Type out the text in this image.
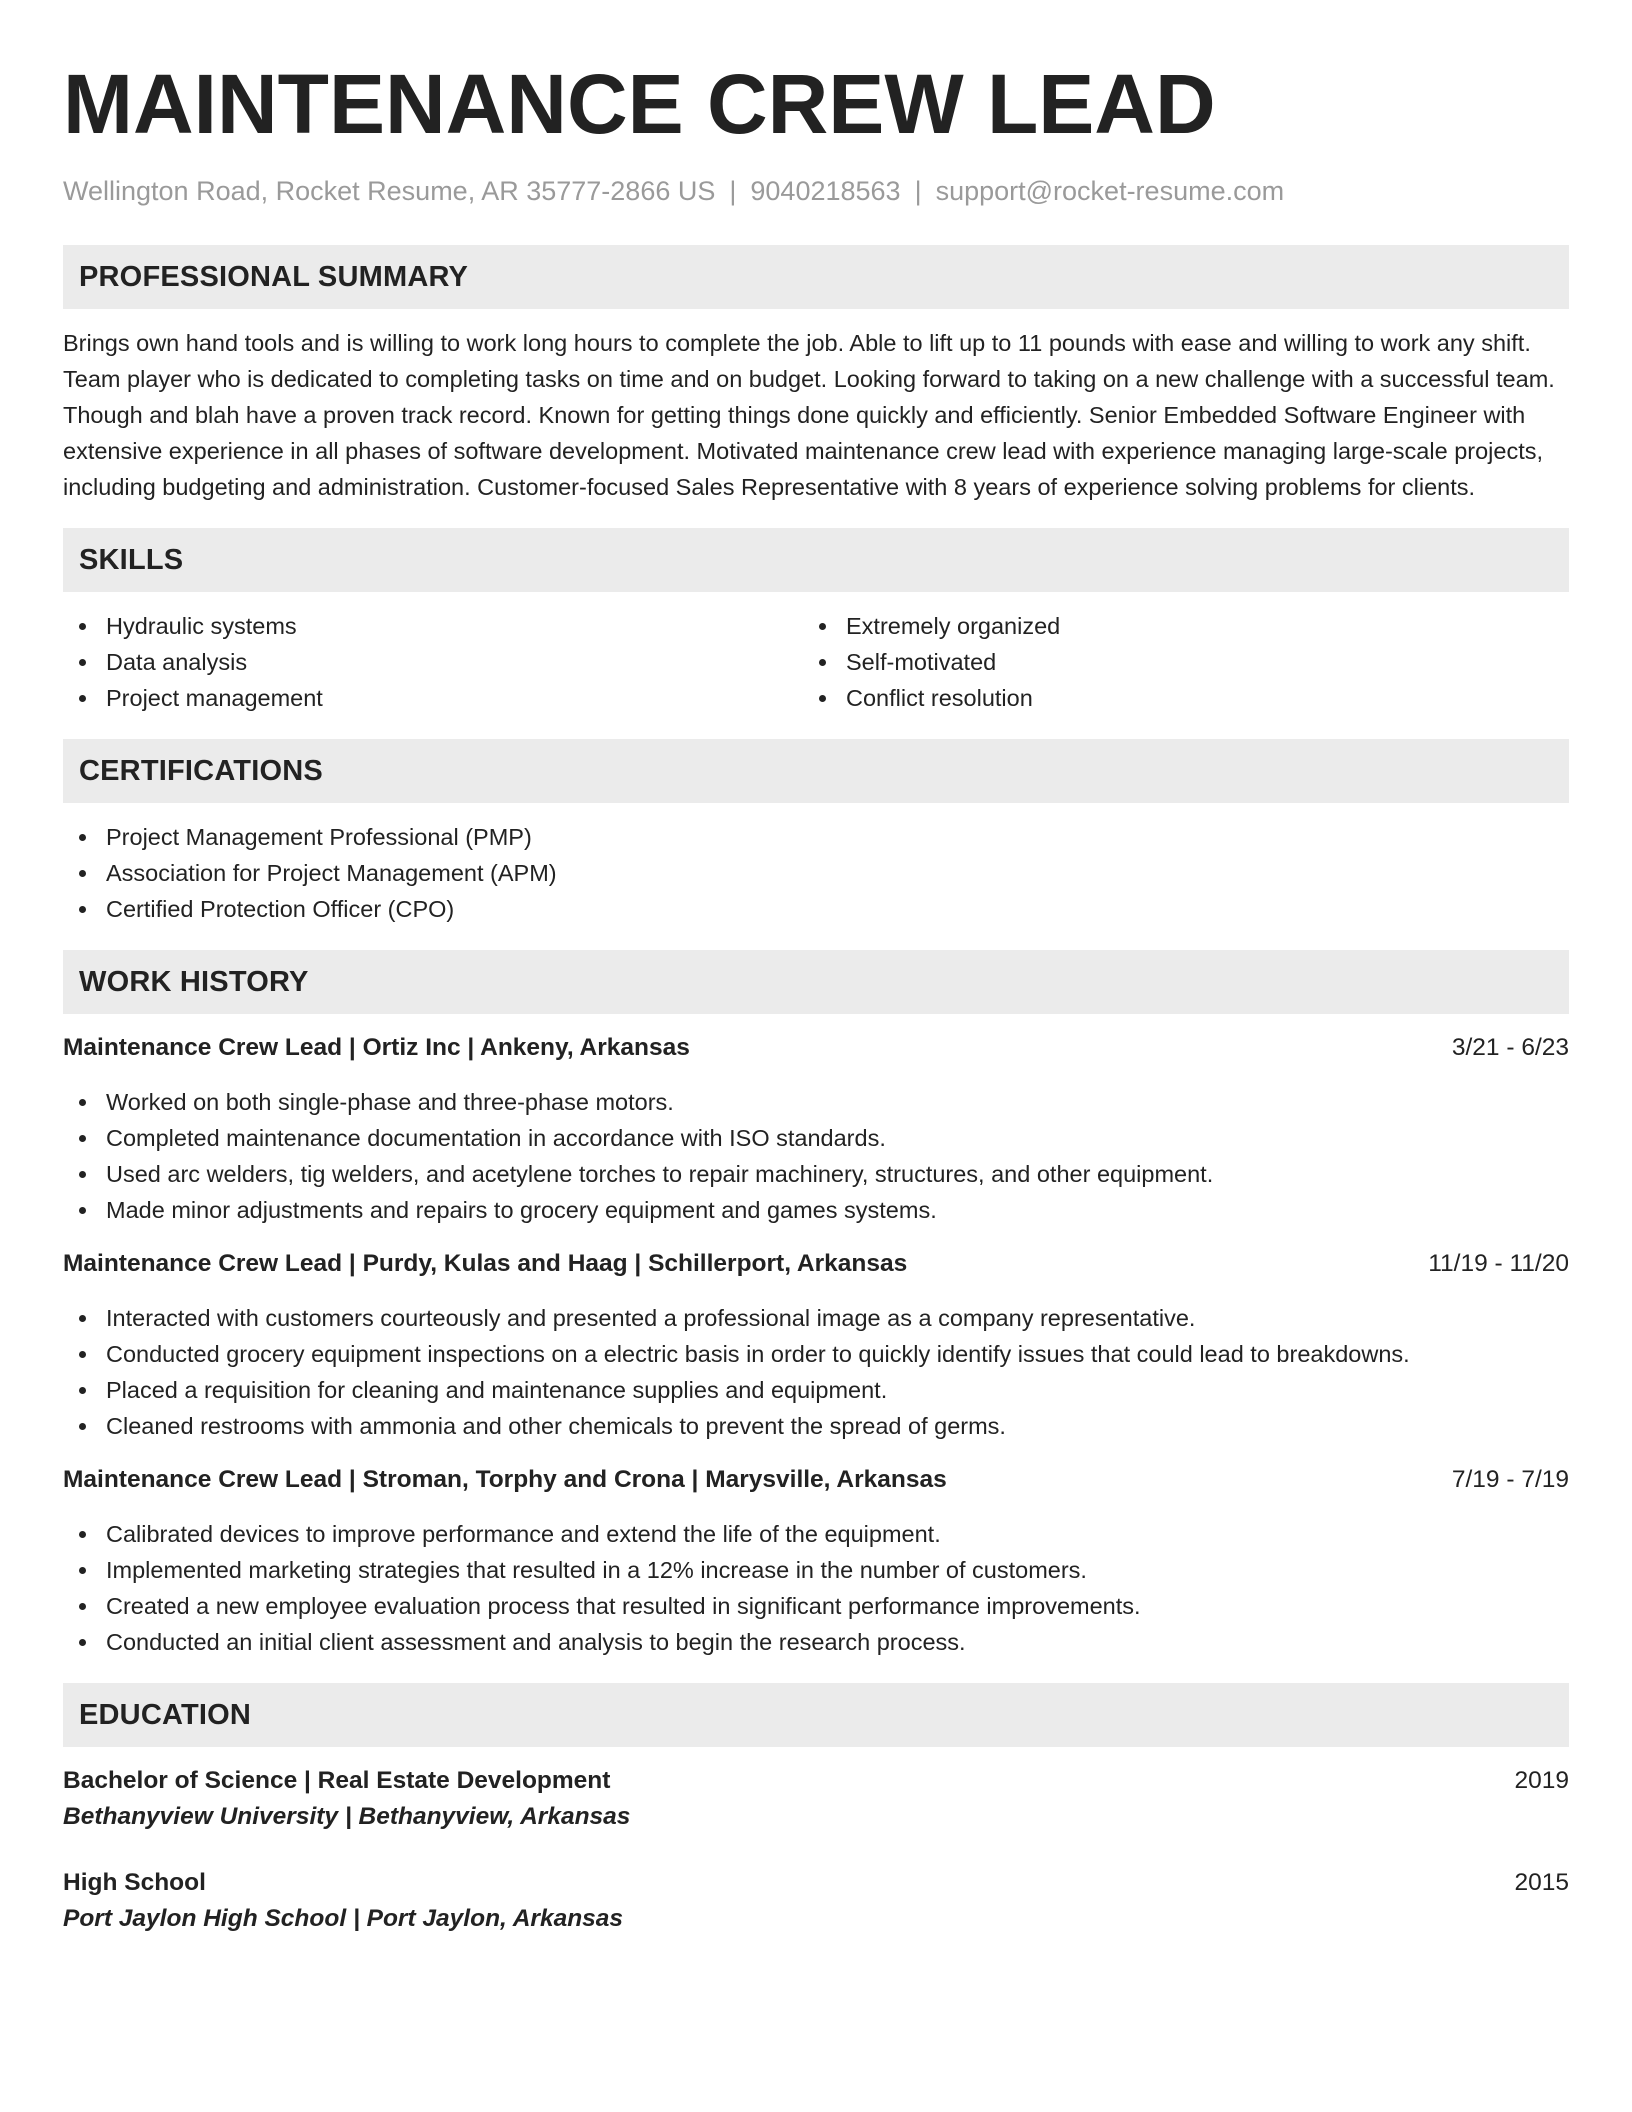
MAINTENANCE CREW LEAD
Wellington Road, Rocket Resume, AR 35777-2866 US | 9040218563 | support@rocket-resume.com
PROFESSIONAL SUMMARY

Brings own hand tools and is willing to work long hours to complete the job. Able to lift up to 11 pounds with ease and willing to work any shift. Team player who is dedicated to completing tasks on time and on budget. Looking forward to taking on a new challenge with a successful team. Though and blah have a proven track record. Known for getting things done quickly and efficiently. Senior Embedded Software Engineer with extensive experience in all phases of software development. Motivated maintenance crew lead with experience managing large-scale projects, including budgeting and administration. Customer-focused Sales Representative with 8 years of experience solving problems for clients.

SKILLS
Hydraulic systems
Data analysis
Project management
Extremely organized
Self-motivated
Conflict resolution
CERTIFICATIONS
Project Management Professional (PMP)
Association for Project Management (APM)
Certified Protection Officer (CPO)
WORK HISTORY
Maintenance Crew Lead | Ortiz Inc | Ankeny, Arkansas	3/21 - 6/23
Worked on both single-phase and three-phase motors.
Completed maintenance documentation in accordance with ISO standards.
Used arc welders, tig welders, and acetylene torches to repair machinery, structures, and other equipment.
Made minor adjustments and repairs to grocery equipment and games systems.
Maintenance Crew Lead | Purdy, Kulas and Haag | Schillerport, Arkansas	11/19 - 11/20
Interacted with customers courteously and presented a professional image as a company representative.
Conducted grocery equipment inspections on a electric basis in order to quickly identify issues that could lead to breakdowns.
Placed a requisition for cleaning and maintenance supplies and equipment.
Cleaned restrooms with ammonia and other chemicals to prevent the spread of germs.
Maintenance Crew Lead | Stroman, Torphy and Crona | Marysville, Arkansas	7/19 - 7/19
Calibrated devices to improve performance and extend the life of the equipment.
Implemented marketing strategies that resulted in a 12% increase in the number of customers.
Created a new employee evaluation process that resulted in significant performance improvements.
Conducted an initial client assessment and analysis to begin the research process.
EDUCATION
Bachelor of Science | Real Estate Development	2019
Bethanyview University | Bethanyview, Arkansas
High School	2015
Port Jaylon High School | Port Jaylon, Arkansas
